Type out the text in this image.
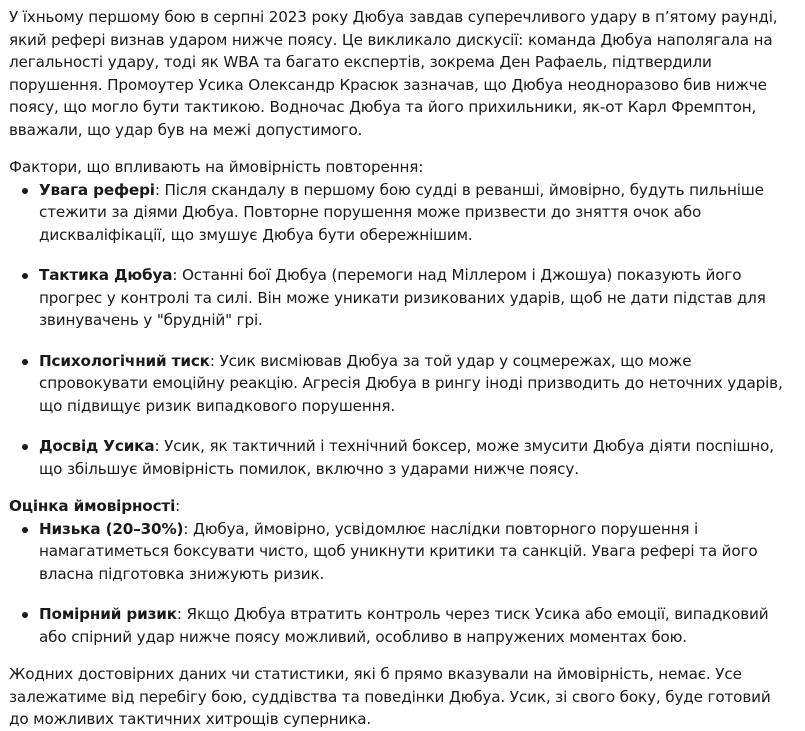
У їхньому першому бою в серпні 2023 року Дюбуа завдав суперечливого удару в п’ятому раунді, який рефері визнав ударом нижче поясу. Це викликало дискусії: команда Дюбуа наполягала на легальності удару, тоді як WBA та багато експертів, зокрема Ден Рафаель, підтвердили порушення. Промоутер Усика Олександр Красюк зазначав, що Дюбуа неодноразово бив нижче поясу, що могло бути тактикою. Водночас Дюбуа та його прихильники, як-от Карл Фремптон, вважали, що удар був на межі допустимого.

Фактори, що впливають на ймовірність повторення:

Увага рефері: Після скандалу в першому бою судді в реванші, ймовірно, будуть пильніше стежити за діями Дюбуа. Повторне порушення може призвести до зняття очок або дискваліфікації, що змушує Дюбуа бути обережнішим.
Тактика Дюбуа: Останні бої Дюбуа (перемоги над Міллером і Джошуа) показують його прогрес у контролі та силі. Він може уникати ризикованих ударів, щоб не дати підстав для звинувачень у "брудній" грі.
Психологічний тиск: Усик висміював Дюбуа за той удар у соцмережах, що може спровокувати емоційну реакцію. Агресія Дюбуа в рингу іноді призводить до неточних ударів, що підвищує ризик випадкового порушення.
Досвід Усика: Усик, як тактичний і технічний боксер, може змусити Дюбуа діяти поспішно, що збільшує ймовірність помилок, включно з ударами нижче поясу.

Оцінка ймовірності:

Низька (20–30%): Дюбуа, ймовірно, усвідомлює наслідки повторного порушення і намагатиметься боксувати чисто, щоб уникнути критики та санкцій. Увага рефері та його власна підготовка знижують ризик.
Помірний ризик: Якщо Дюбуа втратить контроль через тиск Усика або емоції, випадковий або спірний удар нижче поясу можливий, особливо в напружених моментах бою.

Жодних достовірних даних чи статистики, які б прямо вказували на ймовірність, немає. Усе залежатиме від перебігу бою, суддівства та поведінки Дюбуа. Усик, зі свого боку, буде готовий до можливих тактичних хитрощів суперника.
